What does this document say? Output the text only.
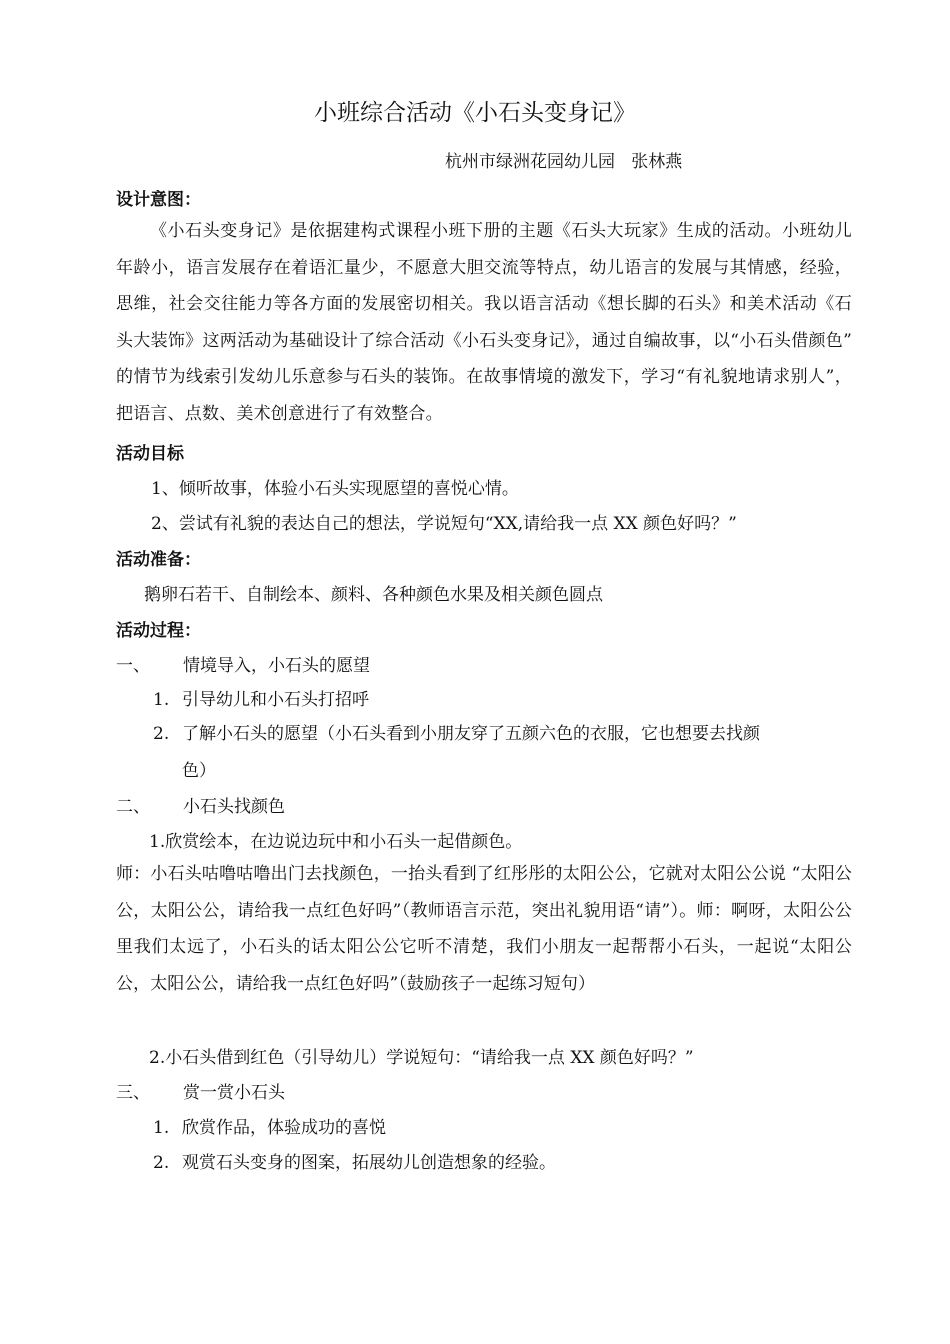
小班综合活动《小石头变身记》
杭州市绿洲花园幼儿园   张林燕
设计意图：
《小石头变身记》是依据建构式课程小班下册的主题《石头大玩家》生成的活动。小班幼儿年龄小，语言发展存在着语汇量少，不愿意大胆交流等特点，幼儿语言的发展与其情感，经验，思维，社会交往能力等各方面的发展密切相关。我以语言活动《想长脚的石头》和美术活动《石头大装饰》这两活动为基础设计了综合活动《小石头变身记》，通过自编故事，以“小石头借颜色” 的情节为线索引发幼儿乐意参与石头的装饰。在故事情境的激发下，学习“有礼貌地请求别人”， 把语言、点数、美术创意进行了有效整合。
活动目标
1、倾听故事，体验小石头实现愿望的喜悦心情。
2、尝试有礼貌的表达自己的想法，学说短句“XX,请给我一点 XX 颜色好吗？”
活动准备：
鹅卵石若干、自制绘本、颜料、各种颜色水果及相关颜色圆点
活动过程：
一、 情境导入，小石头的愿望
1. 引导幼儿和小石头打招呼
2. 了解小石头的愿望（小石头看到小朋友穿了五颜六色的衣服，它也想要去找颜
色）
二、 小石头找颜色
1.欣赏绘本，在边说边玩中和小石头一起借颜色。
师：小石头咕噜咕噜出门去找颜色，一抬头看到了红彤彤的太阳公公，它就对太阳公公说 “太阳公公，太阳公公，请给我一点红色好吗”（教师语言示范，突出礼貌用语“请”）。师：啊呀，太阳公公里我们太远了，小石头的话太阳公公它听不清楚，我们小朋友一起帮帮小石头，一起说“太阳公公，太阳公公，请给我一点红色好吗”（鼓励孩子一起练习短句）
2.小石头借到红色（引导幼儿）学说短句：“请给我一点 XX 颜色好吗？”
三、 赏一赏小石头
1. 欣赏作品，体验成功的喜悦
2. 观赏石头变身的图案，拓展幼儿创造想象的经验。
